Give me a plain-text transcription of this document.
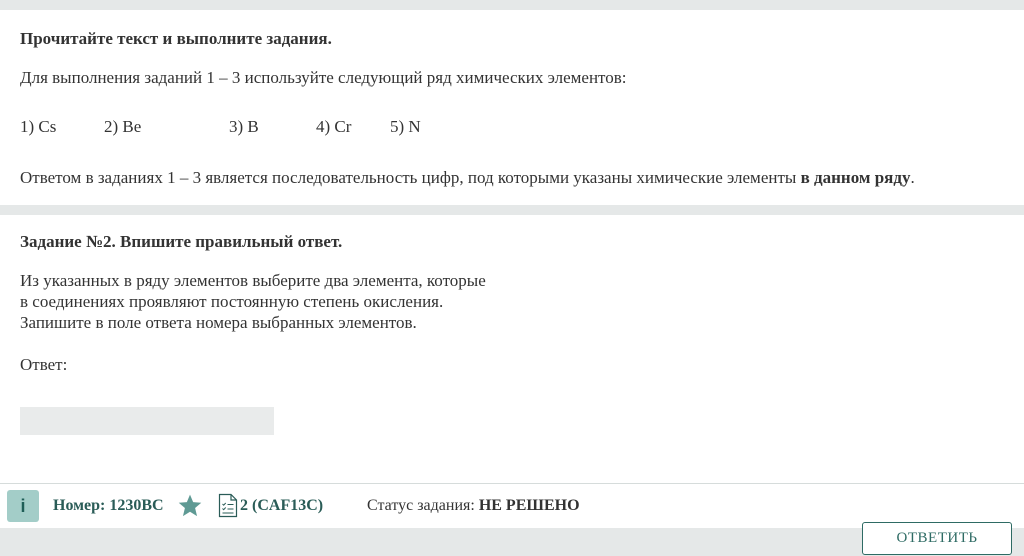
Прочитайте текст и выполните задания.

Для выполнения заданий 1 – 3 используйте следующий ряд химических элементов:

1) Cs	2) Be	3) B	4) Cr 5) N

Ответом в заданиях 1 – 3 является последовательность цифр, под которыми указаны химические элементы в данном ряду.

Задание №2. Впишите правильный ответ.

Из указанных в ряду элементов выберите два элемента, которые

в соединениях проявляют постоянную степень окисления.

Запишите в поле ответа номера выбранных элементов.

Ответ:

i Номер: 1230BC	2 (CAF13C)	Статус задания: НЕ РЕШЕНО
ОТВЕТИТЬ
